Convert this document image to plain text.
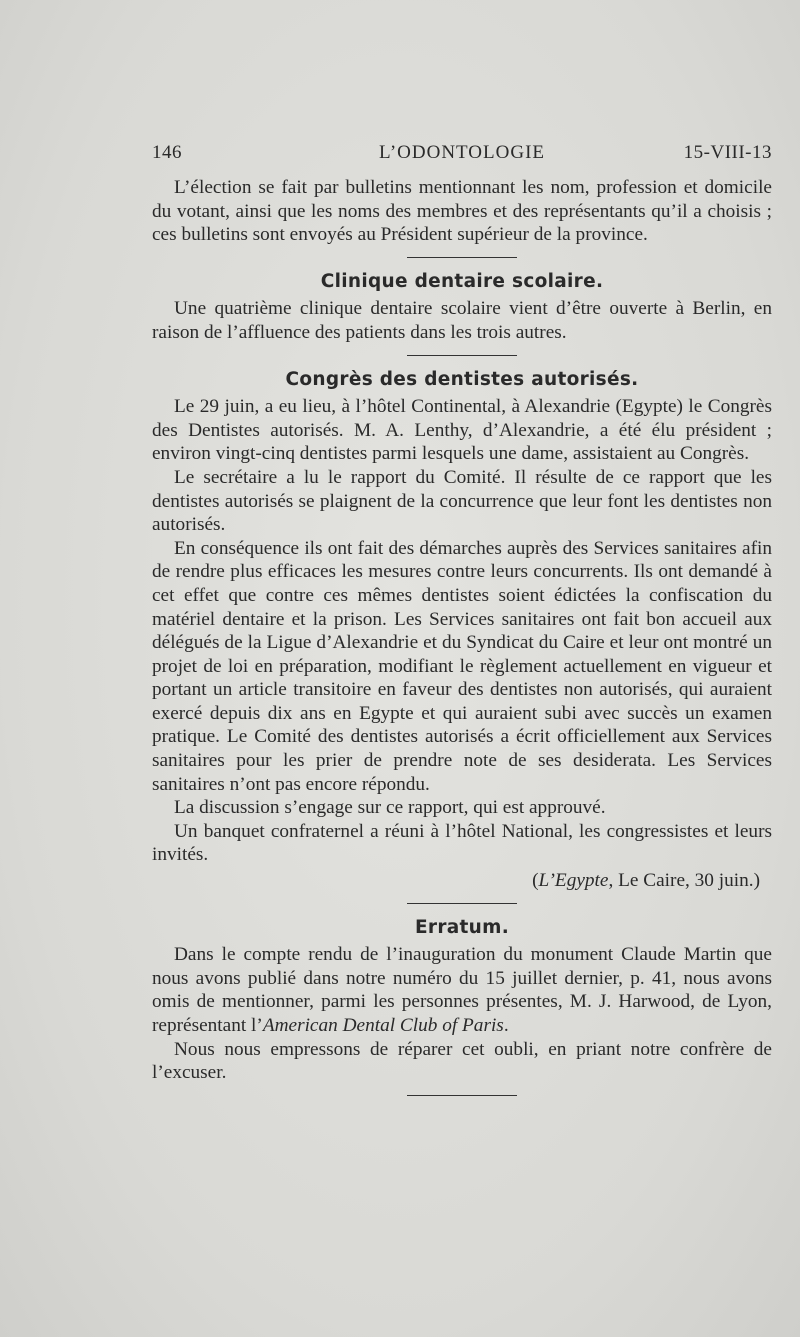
146	L’ODONTOLOGIE	15-VIII-13

L’élection se fait par bulletins mentionnant les nom, profession et domicile du votant, ainsi que les noms des membres et des représentants qu’il a choisis ; ces bulletins sont envoyés au Président supérieur de la province.

Clinique dentaire scolaire.

Une quatrième clinique dentaire scolaire vient d’être ouverte à Berlin, en raison de l’affluence des patients dans les trois autres.

Congrès des dentistes autorisés.

Le 29 juin, a eu lieu, à l’hôtel Continental, à Alexandrie (Egypte) le Congrès des Dentistes autorisés. M. A. Lenthy, d’Alexandrie, a été élu président ; environ vingt-cinq dentistes parmi lesquels une dame, assistaient au Congrès.

Le secrétaire a lu le rapport du Comité. Il résulte de ce rapport que les dentistes autorisés se plaignent de la concurrence que leur font les dentistes non autorisés.

En conséquence ils ont fait des démarches auprès des Services sanitaires afin de rendre plus efficaces les mesures contre leurs concurrents. Ils ont demandé à cet effet que contre ces mêmes dentistes soient édictées la confiscation du matériel dentaire et la prison. Les Services sanitaires ont fait bon accueil aux délégués de la Ligue d’Alexandrie et du Syndicat du Caire et leur ont montré un projet de loi en préparation, modifiant le règlement actuellement en vigueur et portant un article transitoire en faveur des dentistes non autorisés, qui auraient exercé depuis dix ans en Egypte et qui auraient subi avec succès un examen pratique. Le Comité des dentistes autorisés a écrit officiellement aux Services sanitaires pour les prier de prendre note de ses desiderata. Les Services sanitaires n’ont pas encore répondu.

La discussion s’engage sur ce rapport, qui est approuvé.

Un banquet confraternel a réuni à l’hôtel National, les congressistes et leurs invités.

(L’Egypte, Le Caire, 30 juin.)
Erratum.

Dans le compte rendu de l’inauguration du monument Claude Martin que nous avons publié dans notre numéro du 15 juillet dernier, p. 41, nous avons omis de mentionner, parmi les personnes présentes, M. J. Harwood, de Lyon, représentant l’American Dental Club of Paris.

Nous nous empressons de réparer cet oubli, en priant notre confrère de l’excuser.
